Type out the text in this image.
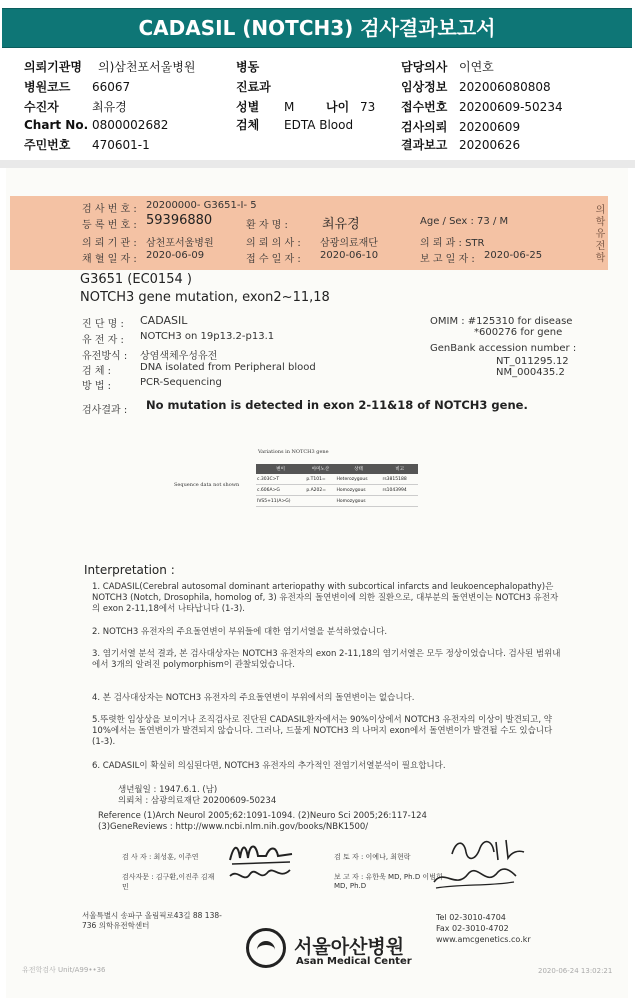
CADASIL (NOTCH3) 검사결과보고서
의뢰기관명 의)삼천포서울병원
병원코드 66067
수진자	최유경
Chart No. 0800002682
주민번호 470601-1
병동
진료과
성별 M	나이 73
검체 EDTA Blood
담당의사 이연호
임상정보 202006080808
접수번호 20200609-50234
검사의뢰 20200609
결과보고 20200626
의학유전학
검 사 번 호 : 20200000- G3651-I- 5
등 록 번 호 : 59396880	환 자 명 :	최유경	Age / Sex : 73 / M
의 뢰 기 관 : 삼천포서울병원	의 뢰 의 사 : 삼광의료재단	의 뢰 과 : STR
채 혈 일 자 : 2020-06-09	접 수 일 자 : 2020-06-10	보 고 일 자 : 2020-06-25
G3651 (EC0154 )
NOTCH3 gene mutation, exon2~11,18
진 단 명 : CADASIL
유 전 자 : NOTCH3 on 19p13.2-p13.1
유전방식 : 상염색체우성유전
검 체 :	DNA isolated from Peripheral blood
방 법 :	PCR-Sequencing
OMIM : #125310 for disease
*600276 for gene
GenBank accession number :
NT_011295.12
NM_000435.2
검사결과 : No mutation is detected in exon 2-11&18 of NOTCH3 gene.
Variations in NOTCH3 gene
Sequence data not shown
변이	아미노산	상태	비고
c.303C>T	p.T101=	Heterozygous	rs3815188
c.606A>G	p.A202=	Homozygous	rs1043994
IVS5+11(A>G)		Homozygous	
Interpretation :
1. CADASIL(Cerebral autosomal dominant arteriopathy with subcortical infarcts and leukoencephalopathy)은 NOTCH3 (Notch, Drosophila, homolog of, 3) 유전자의 돌연변이에 의한 질환으로, 대부분의 돌연변이는 NOTCH3 유전자의 exon 2-11,18에서 나타납니다 (1-3).
2. NOTCH3 유전자의 주요돌연변이 부위들에 대한 염기서열을 분석하였습니다.
3. 염기서열 분석 결과, 본 검사대상자는 NOTCH3 유전자의 exon 2-11,18의 염기서열은 모두 정상이었습니다. 검사된 범위내에서 3개의 알려진 polymorphism이 관찰되었습니다.
4. 본 검사대상자는 NOTCH3 유전자의 주요돌연변이 부위에서의 돌연변이는 없습니다.
5.뚜렷한 임상상을 보이거나 조직검사로 진단된 CADASIL환자에서는 90%이상에서 NOTCH3 유전자의 이상이 발견되고, 약 10%에서는 돌연변이가 발견되지 않습니다. 그러나, 드물게 NOTCH3 의 나머지 exon에서 돌연변이가 발견될 수도 있습니다 (1-3).
6. CADASIL이 확실히 의심된다면, NOTCH3 유전자의 추가적인 전염기서열분석이 필요합니다.
생년월일 : 1947.6.1. (남)
의뢰처 : 삼광의료재단 20200609-50234
Reference (1)Arch Neurol 2005;62:1091-1094. (2)Neuro Sci 2005;26:117-124 (3)GeneReviews : http://www.ncbi.nlm.nih.gov/books/NBK1500/
검 사 자 : 최성훈, 이주연
검사자문 : 김구환,이진주 김재민
검 토 자 : 이예나, 최현락
보 고 자 : 유한욱 MD, Ph.D 이범희 MD, Ph.D
서울특별시 송파구 올림픽로43길 88 138-736 의학유전학센터
서울아산병원
Asan Medical Center
Tel 02-3010-4704
Fax 02-3010-4702
www.amcgenetics.co.kr
유전학검사 Unit/A99••36	2020-06-24 13:02:21
